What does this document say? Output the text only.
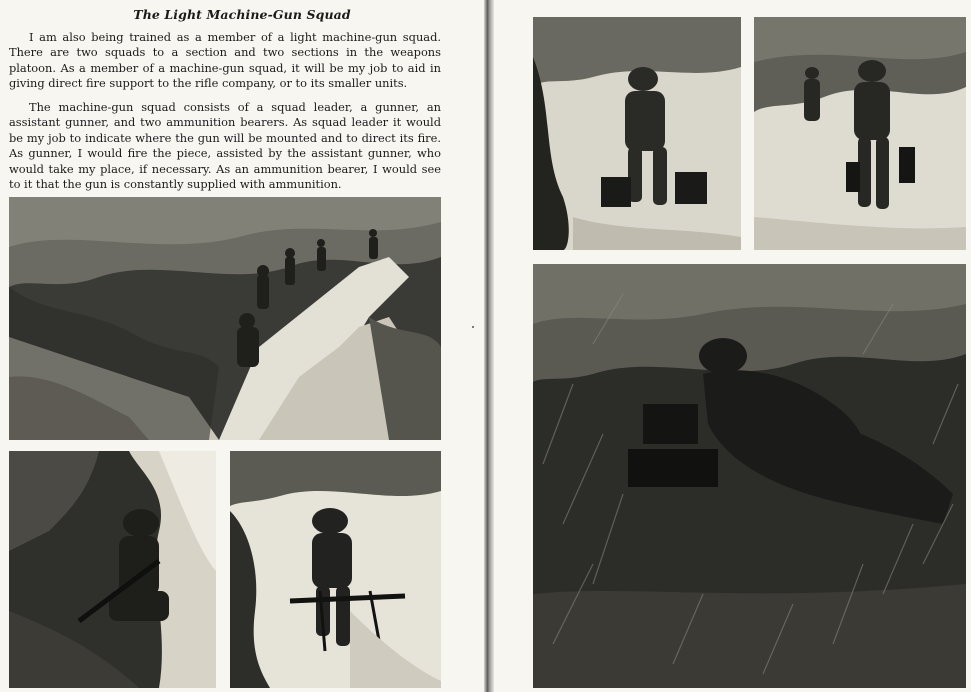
The Light Machine-Gun Squad

I am also being trained as a member of a light machine-gun squad. There are two squads to a section and two sections in the weapons platoon. As a member of a machine-gun squad, it will be my job to aid in giving direct fire support to the rifle company, or to its smaller units.

The machine-gun squad consists of a squad leader, a gunner, an assistant gunner, and two ammunition bearers. As squad leader it would be my job to indicate where the gun will be mounted and to direct its fire. As gunner, I would fire the piece, assisted by the assistant gunner, who would take my place, if necessary. As an ammunition bearer, I would see to it that the gun is constantly supplied with ammunition.
